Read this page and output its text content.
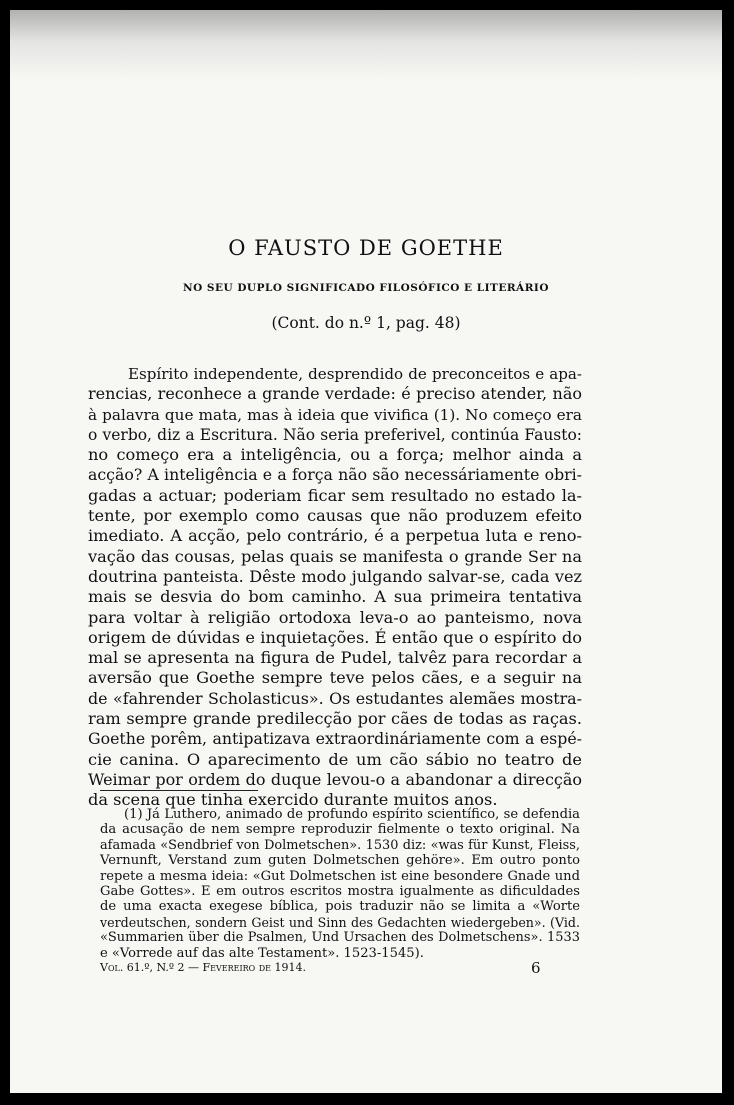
O FAUSTO DE GOETHE
NO SEU DUPLO SIGNIFICADO FILOSÓFICO E LITERÁRIO
(Cont. do n.º 1, pag. 48)
Espírito independente, desprendido de preconceitos e apa-
rencias, reconhece a grande verdade: é preciso atender, não
à palavra que mata, mas à ideia que vivifica (1). No começo era
o verbo, diz a Escritura. Não seria preferivel, continúa Fausto:
no começo era a inteligência, ou a força; melhor ainda a
acção? A inteligência e a força não são necessáriamente obri-
gadas a actuar; poderiam ficar sem resultado no estado la-
tente, por exemplo como causas que não produzem efeito
imediato. A acção, pelo contrário, é a perpetua luta e reno-
vação das cousas, pelas quais se manifesta o grande Ser na
doutrina panteista. Dêste modo julgando salvar-se, cada vez
mais se desvia do bom caminho. A sua primeira tentativa
para voltar à religião ortodoxa leva-o ao panteismo, nova
origem de dúvidas e inquietações. É então que o espírito do
mal se apresenta na figura de Pudel, talvêz para recordar a
aversão que Goethe sempre teve pelos cães, e a seguir na
de «fahrender Scholasticus». Os estudantes alemães mostra-
ram sempre grande predilecção por cães de todas as raças.
Goethe porêm, antipatizava extraordináriamente com a espé-
cie canina. O aparecimento de um cão sábio no teatro de
Weimar por ordem do duque levou-o a abandonar a direcção
da scena que tinha exercido durante muitos anos.
(1) Já Luthero, animado de profundo espírito scientífico, se defendia
da acusação de nem sempre reproduzir fielmente o texto original. Na
afamada «Sendbrief von Dolmetschen». 1530 diz: «was für Kunst, Fleiss,
Vernunft, Verstand zum guten Dolmetschen gehöre». Em outro ponto
repete a mesma ideia: «Gut Dolmetschen ist eine besondere Gnade und
Gabe Gottes». E em outros escritos mostra igualmente as dificuldades
de uma exacta exegese bíblica, pois traduzir não se limita a «Worte
verdeutschen, sondern Geist und Sinn des Gedachten wiedergeben». (Vid.
«Summarien über die Psalmen, Und Ursachen des Dolmetschens». 1533
e «Vorrede auf das alte Testament». 1523-1545).
Vol. 61.º, N.º 2 — Fevereiro de 1914.	6
